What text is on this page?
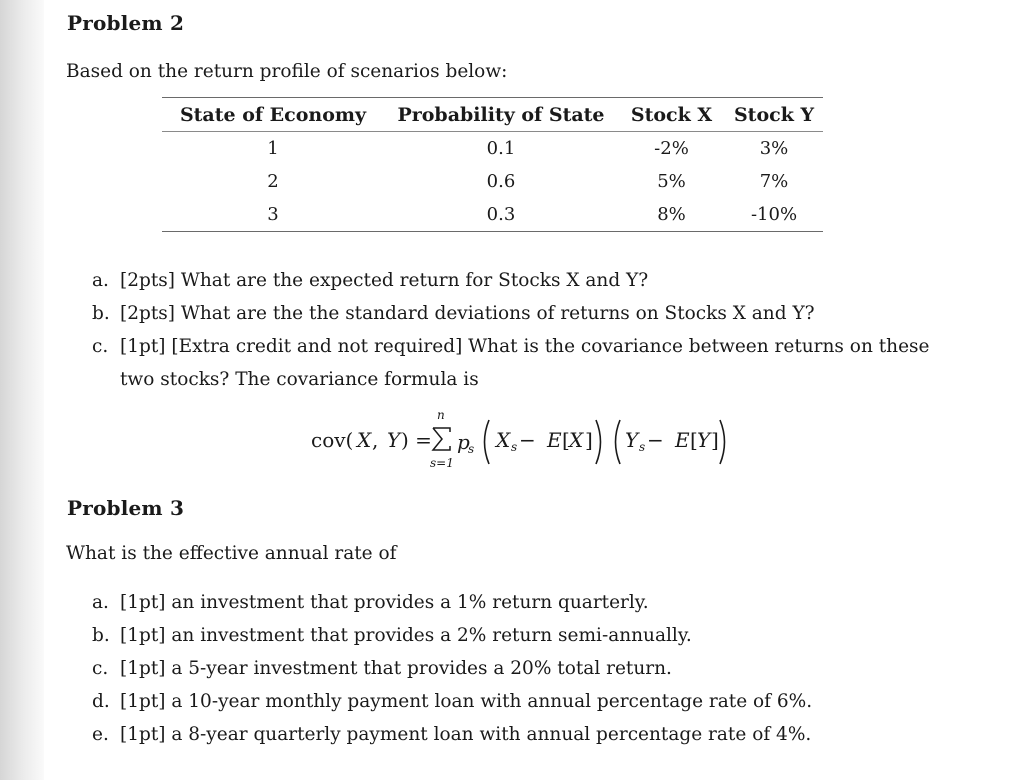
Problem 2

Based on the return profile of scenarios below:

State of Economy	Probability of State	Stock X	Stock Y
1	0.1	-2%	3%
2	0.6	5%	7%
3	0.3	8%	-10%
a. [2pts] What are the expected return for Stocks X and Y?
b. [2pts] What are the the standard deviations of returns on Stocks X and Y?
c. [1pt] [Extra credit and not required] What is the covariance between returns on these
two stocks? The covariance formula is
cov( X , Y ) =
n
s=1
p
s X s − E [ X ] Y s − E [ Y ]
Problem 3

What is the effective annual rate of

a. [1pt] an investment that provides a 1% return quarterly.
b. [1pt] an investment that provides a 2% return semi-annually.
c. [1pt] a 5-year investment that provides a 20% total return.
d. [1pt] a 10-year monthly payment loan with annual percentage rate of 6%.
e. [1pt] a 8-year quarterly payment loan with annual percentage rate of 4%.
